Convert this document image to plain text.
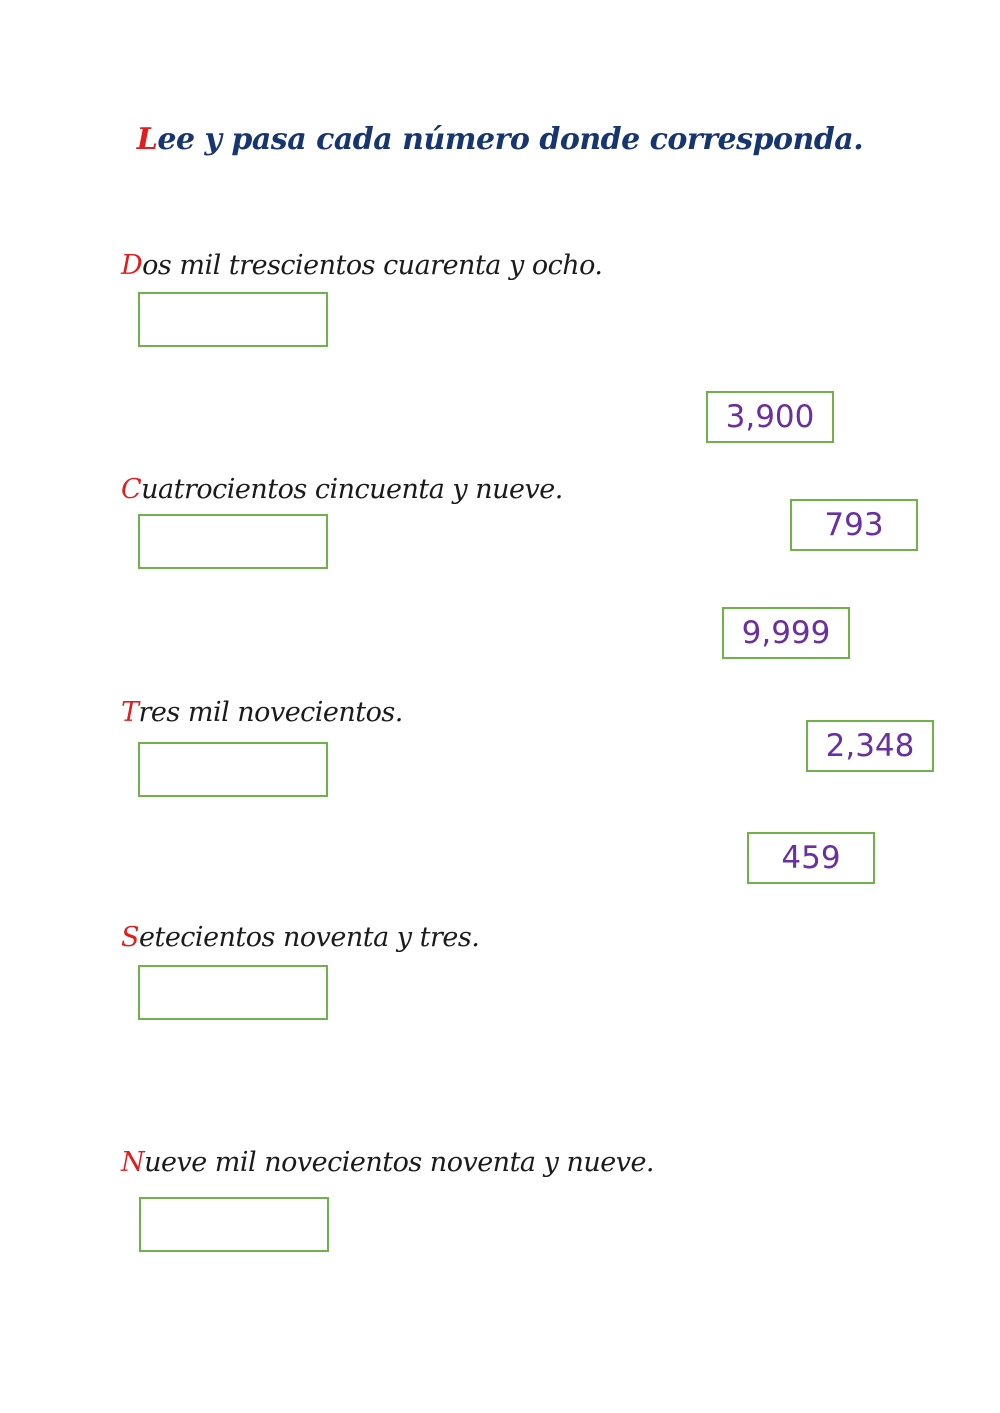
Lee y pasa cada número donde corresponda.
Dos mil trescientos cuarenta y ocho.
Cuatrocientos cincuenta y nueve.
Tres mil novecientos.
Setecientos noventa y tres.
Nueve mil novecientos noventa y nueve.
3,900
793
9,999
2,348
459
